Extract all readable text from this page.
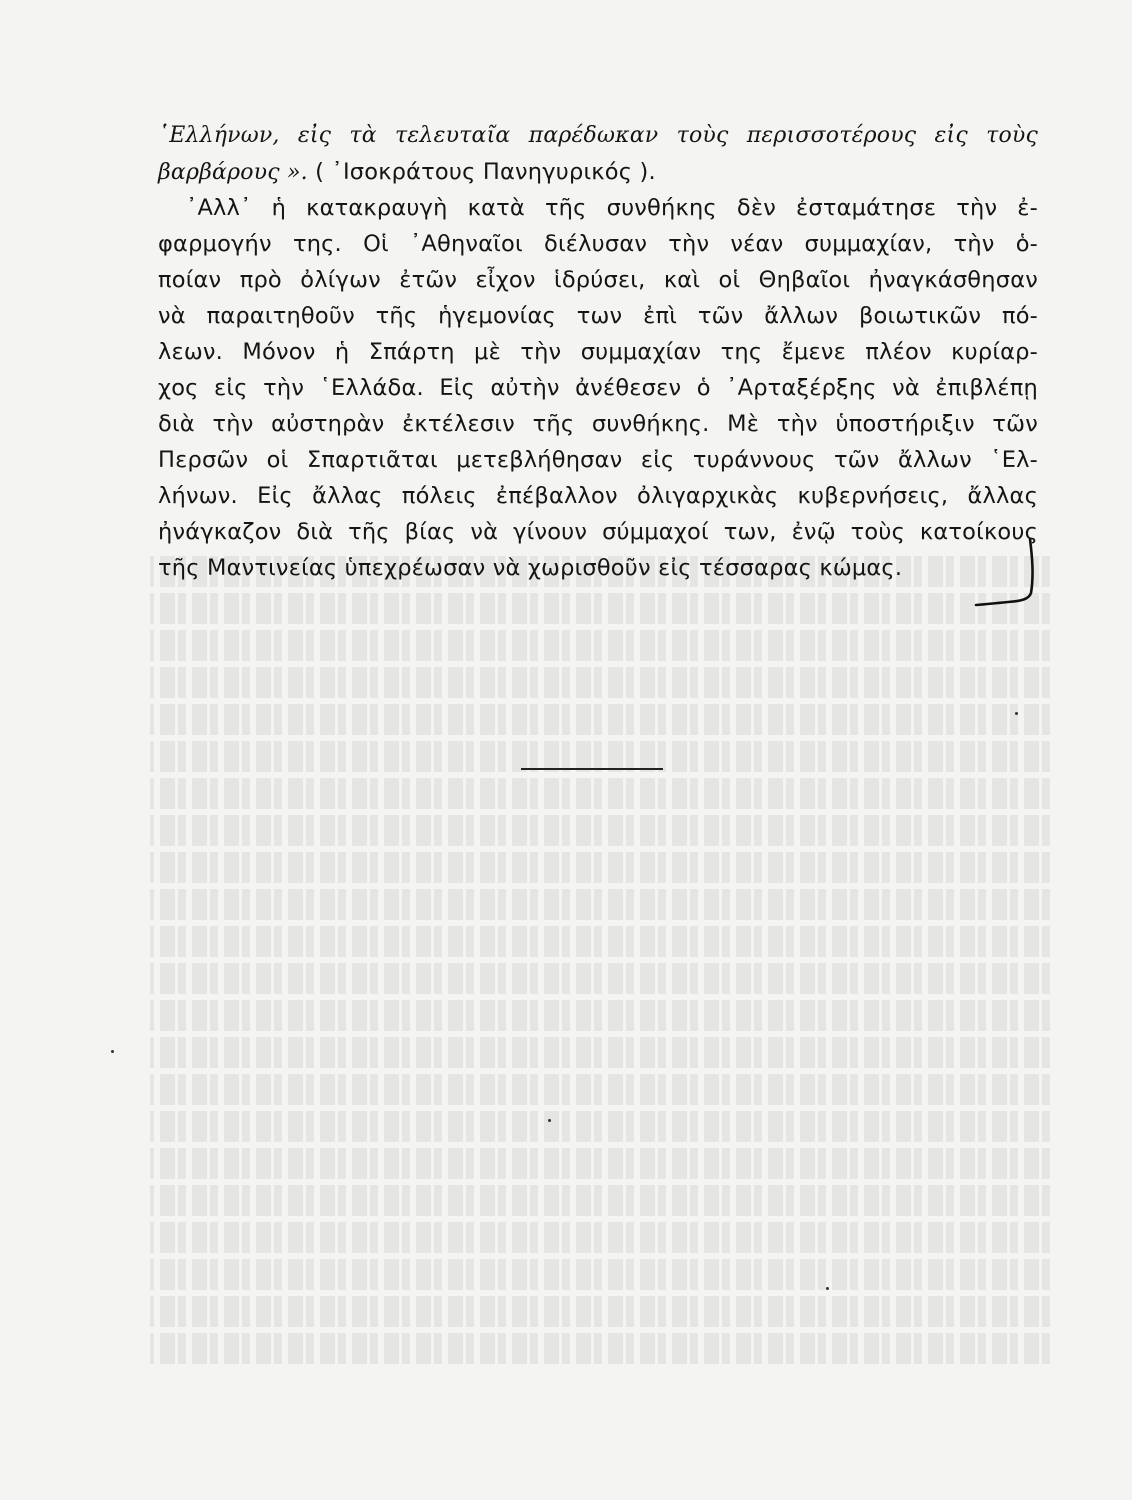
῾Ελλήνων, εἰς τὰ τελευταῖα παρέδωκαν τοὺς περισσοτέρους εἰς τοὺς
βαρβάρους ». ( ᾿Ισοκράτους Πανηγυρικός ).
᾿Αλλ᾿ ἡ κατακραυγὴ κατὰ τῆς συνθήκης δὲν ἐσταμάτησε τὴν ἐ-
φαρμογήν της. Οἱ ᾿Αθηναῖοι διέλυσαν τὴν νέαν συμμαχίαν, τὴν ὁ-
ποίαν πρὸ ὀλίγων ἐτῶν εἶχον ἱδρύσει, καὶ οἱ Θηβαῖοι ἠναγκάσθησαν
νὰ παραιτηθοῦν τῆς ἡγεμονίας των ἐπὶ τῶν ἄλλων βοιωτικῶν πό-
λεων. Μόνον ἡ Σπάρτη μὲ τὴν συμμαχίαν της ἔμενε πλέον κυρίαρ-
χος εἰς τὴν ῾Ελλάδα. Εἰς αὐτὴν ἀνέθεσεν ὁ ᾿Αρταξέρξης νὰ ἐπιβλέπῃ
διὰ τὴν αὐστηρὰν ἐκτέλεσιν τῆς συνθήκης. Μὲ τὴν ὑποστήριξιν τῶν
Περσῶν οἱ Σπαρτιᾶται μετεβλήθησαν εἰς τυράννους τῶν ἄλλων ῾Ελ-
λήνων. Εἰς ἄλλας πόλεις ἐπέβαλλον ὀλιγαρχικὰς κυβερνήσεις, ἄλλας
ἠνάγκαζον διὰ τῆς βίας νὰ γίνουν σύμμαχοί των, ἐνῷ τοὺς κατοίκους
τῆς Μαντινείας ὑπεχρέωσαν νὰ χωρισθοῦν εἰς τέσσαρας κώμας.
